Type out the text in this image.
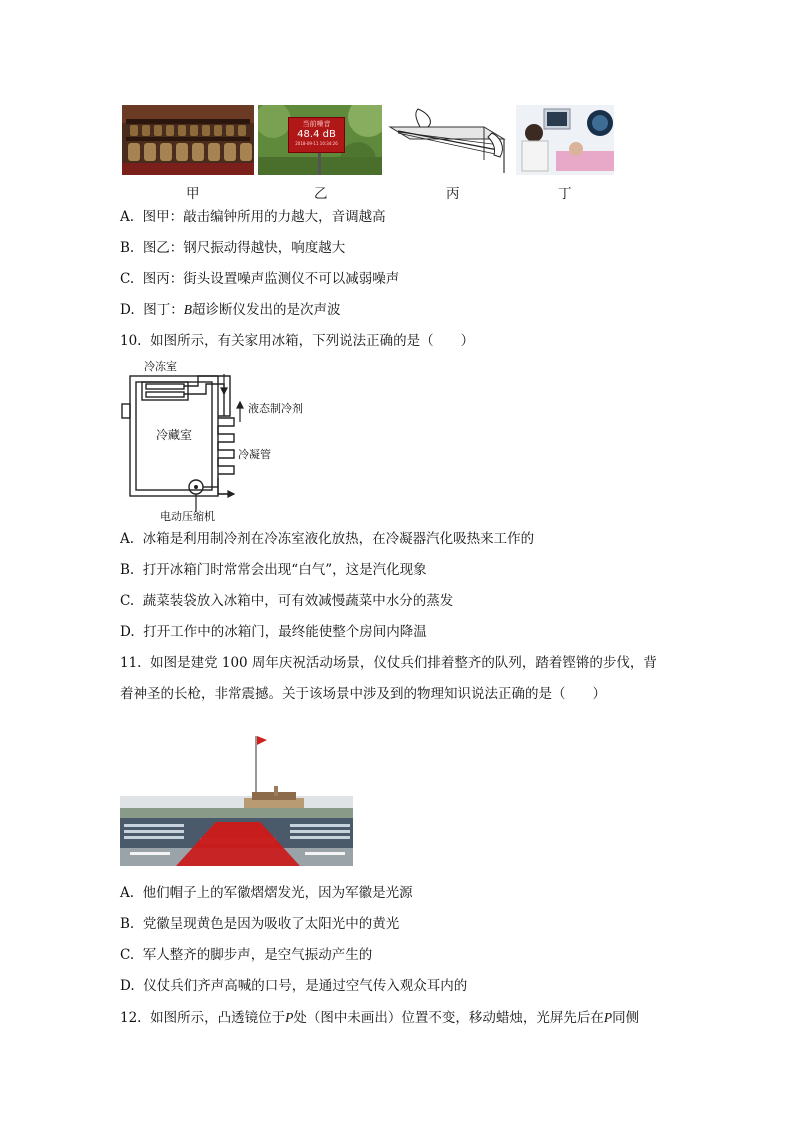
当前噪音
48.4 dB
2018-09-11 10:34:26
甲	乙	丙	丁
A. 图甲：敲击编钟所用的力越大，音调越高
B. 图乙：钢尺振动得越快，响度越大
C. 图丙：街头设置噪声监测仪不可以减弱噪声
D. 图丁：B超诊断仪发出的是次声波
10. 如图所示，有关家用冰箱，下列说法正确的是（　　）
冷冻室
液态制冷剂
冷藏室
冷凝管
电动压缩机
A. 冰箱是利用制冷剂在冷冻室液化放热，在冷凝器汽化吸热来工作的
B. 打开冰箱门时常常会出现“白气”，这是汽化现象
C. 蔬菜装袋放入冰箱中，可有效减慢蔬菜中水分的蒸发
D. 打开工作中的冰箱门，最终能使整个房间内降温
11. 如图是建党 100 周年庆祝活动场景，仪仗兵们排着整齐的队列，踏着铿锵的步伐，背
着神圣的长枪，非常震撼。关于该场景中涉及到的物理知识说法正确的是（　　）
A. 他们帽子上的军徽熠熠发光，因为军徽是光源
B. 党徽呈现黄色是因为吸收了太阳光中的黄光
C. 军人整齐的脚步声，是空气振动产生的
D. 仪仗兵们齐声高喊的口号，是通过空气传入观众耳内的
12. 如图所示，凸透镜位于P处（图中未画出）位置不变，移动蜡烛，光屏先后在P同侧
